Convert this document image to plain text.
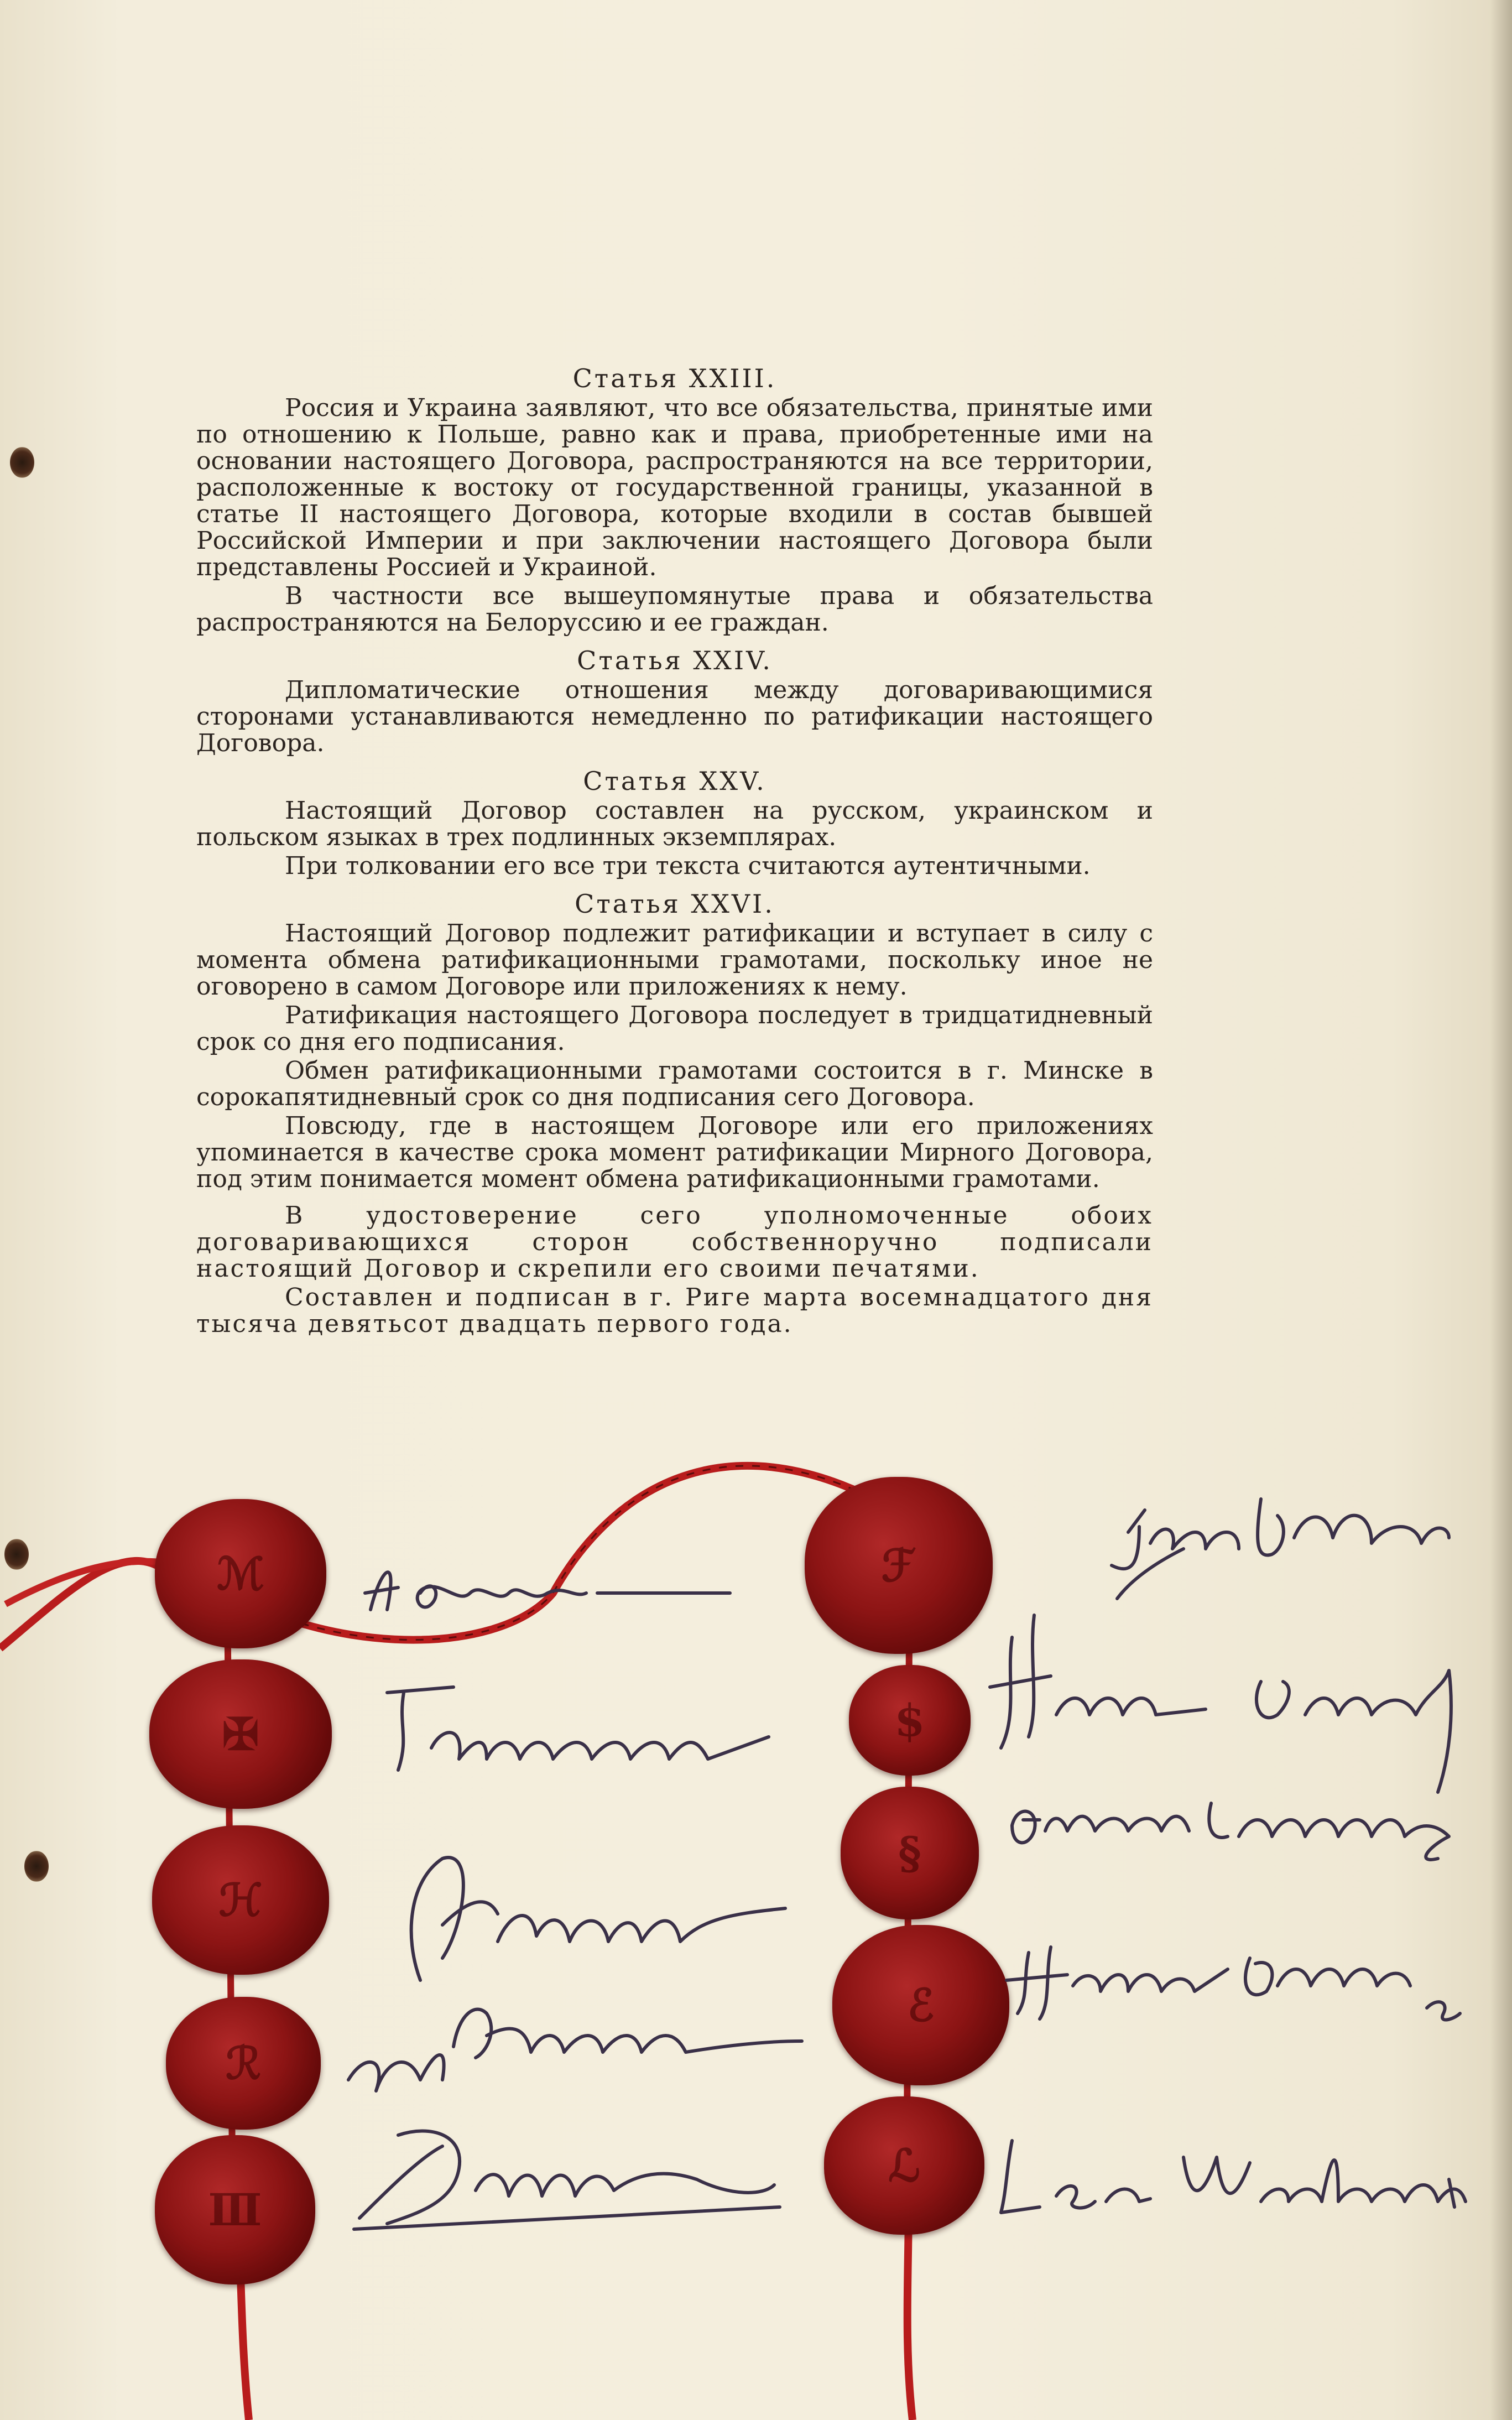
Статья XXIII.

Россия и Украина заявляют, что все обязательства, принятые ими по отношению к Польше, равно как и права, приобретенные ими на основании настоящего Договора, распространяются на все территории, расположенные к востоку от государственной границы, указанной в статье II настоящего Договора, которые входили в состав бывшей Российской Империи и при заключении настоящего Договора были представлены Россией и Украиной.

В частности все вышеупомянутые права и обязательства распространяются на Белоруссию и ее граждан.

Статья XXIV.

Дипломатические отношения между договаривающимися сторонами устанавливаются немедленно по ратификации настоящего Договора.

Статья XXV.

Настоящий Договор составлен на русском, украинском и польском языках в трех подлинных экземплярах.

При толковании его все три текста считаются аутентичными.

Статья XXVI.

Настоящий Договор подлежит ратификации и вступает в силу с момента обмена ратификационными грамотами, поскольку иное не оговорено в самом Договоре или приложениях к нему.

Ратификация настоящего Договора последует в тридцатидневный срок со дня его подписания.

Обмен ратификационными грамотами состоится в г. Минске в сорокапятидневный срок со дня подписания сего Договора.

Повсюду, где в настоящем Договоре или его приложениях упоминается в качестве срока момент ратификации Мирного Договора, под этим понимается момент обмена ратификационными грамотами.

В удостоверение сего уполномоченные обоих договаривающихся сторон собственноручно подписали настоящий Договор и скрепили его своими печатями.

Составлен и подписан в г. Риге марта восемнадцатого дня тысяча девятьсот двадцать первого года.

ℳ
✠
ℋ
ℛ
Ⅲ
ℱ
$
§
ℰ
ℒ
